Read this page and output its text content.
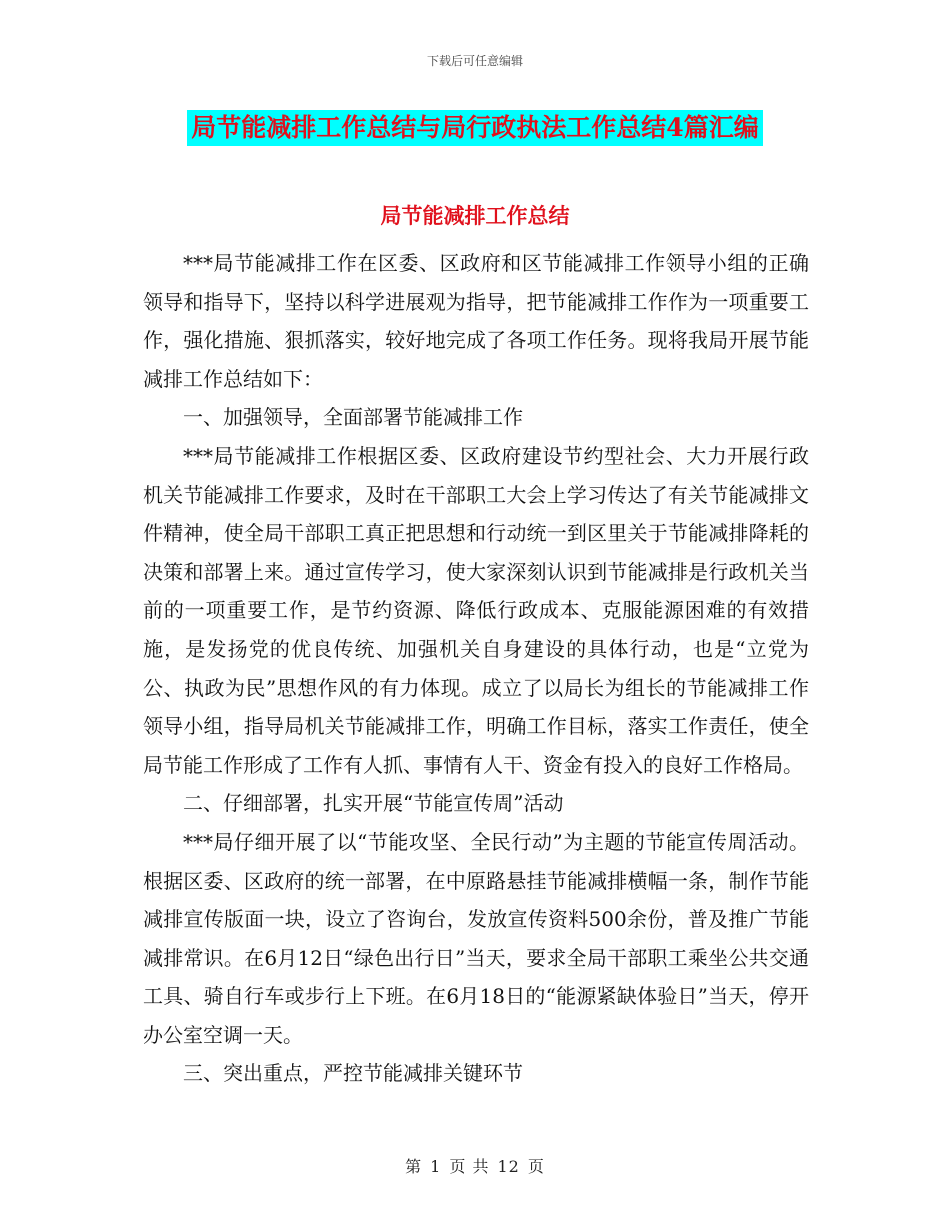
下载后可任意编辑
局节能减排工作总结与局行政执法工作总结4篇汇编
局节能减排工作总结

***局节能减排工作在区委、区政府和区节能减排工作领导小组的正确领导和指导下，坚持以科学进展观为指导，把节能减排工作作为一项重要工作，强化措施、狠抓落实，较好地完成了各项工作任务。现将我局开展节能减排工作总结如下：

一、加强领导，全面部署节能减排工作

***局节能减排工作根据区委、区政府建设节约型社会、大力开展行政机关节能减排工作要求，及时在干部职工大会上学习传达了有关节能减排文件精神，使全局干部职工真正把思想和行动统一到区里关于节能减排降耗的决策和部署上来。通过宣传学习，使大家深刻认识到节能减排是行政机关当前的一项重要工作，是节约资源、降低行政成本、克服能源困难的有效措施，是发扬党的优良传统、加强机关自身建设的具体行动，也是“立党为公、执政为民”思想作风的有力体现。成立了以局长为组长的节能减排工作领导小组，指导局机关节能减排工作，明确工作目标，落实工作责任，使全局节能工作形成了工作有人抓、事情有人干、资金有投入的良好工作格局。

二、仔细部署，扎实开展“节能宣传周”活动

***局仔细开展了以“节能攻坚、全民行动”为主题的节能宣传周活动。根据区委、区政府的统一部署，在中原路悬挂节能减排横幅一条，制作节能减排宣传版面一块，设立了咨询台，发放宣传资料500余份，普及推广节能减排常识。在6月12日“绿色出行日”当天，要求全局干部职工乘坐公共交通工具、骑自行车或步行上下班。在6月18日的“能源紧缺体验日”当天，停开办公室空调一天。

三、突出重点，严控节能减排关键环节

第 1 页 共 12 页
